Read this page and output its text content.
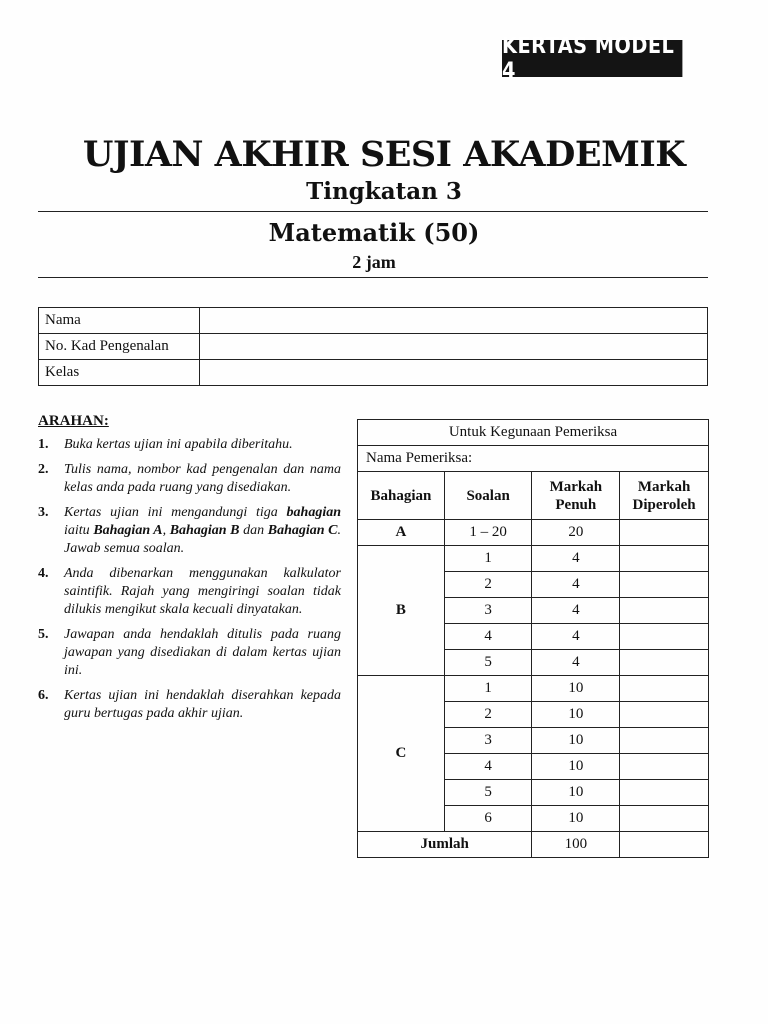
KERTAS MODEL 4
UJIAN AKHIR SESI AKADEMIK
Tingkatan 3
Matematik (50)
2 jam
Nama	
No. Kad Pengenalan	
Kelas	
ARAHAN:
1.	Buka kertas ujian ini apabila diberitahu.
2.	Tulis nama, nombor kad pengenalan dan nama kelas anda pada ruang yang disediakan.
3.	Kertas ujian ini mengandungi tiga bahagian iaitu Bahagian A, Bahagian B dan Bahagian C. Jawab semua soalan.
4.	Anda dibenarkan menggunakan kalkulator saintifik. Rajah yang mengiringi soalan tidak dilukis mengikut skala kecuali dinyatakan.
5.	Jawapan anda hendaklah ditulis pada ruang jawapan yang disediakan di dalam kertas ujian ini.
6.	Kertas ujian ini hendaklah diserahkan kepada guru bertugas pada akhir ujian.
Untuk Kegunaan Pemeriksa			
Nama Pemeriksa:			
Bahagian	Soalan	Markah Penuh	Markah Diperoleh
A	1 – 20	20	
B	1	4	
	2	4	
	3	4	
	4	4	
	5	4	
C	1	10	
	2	10	
	3	10	
	4	10	
	5	10	
	6	10	
Jumlah		100	
